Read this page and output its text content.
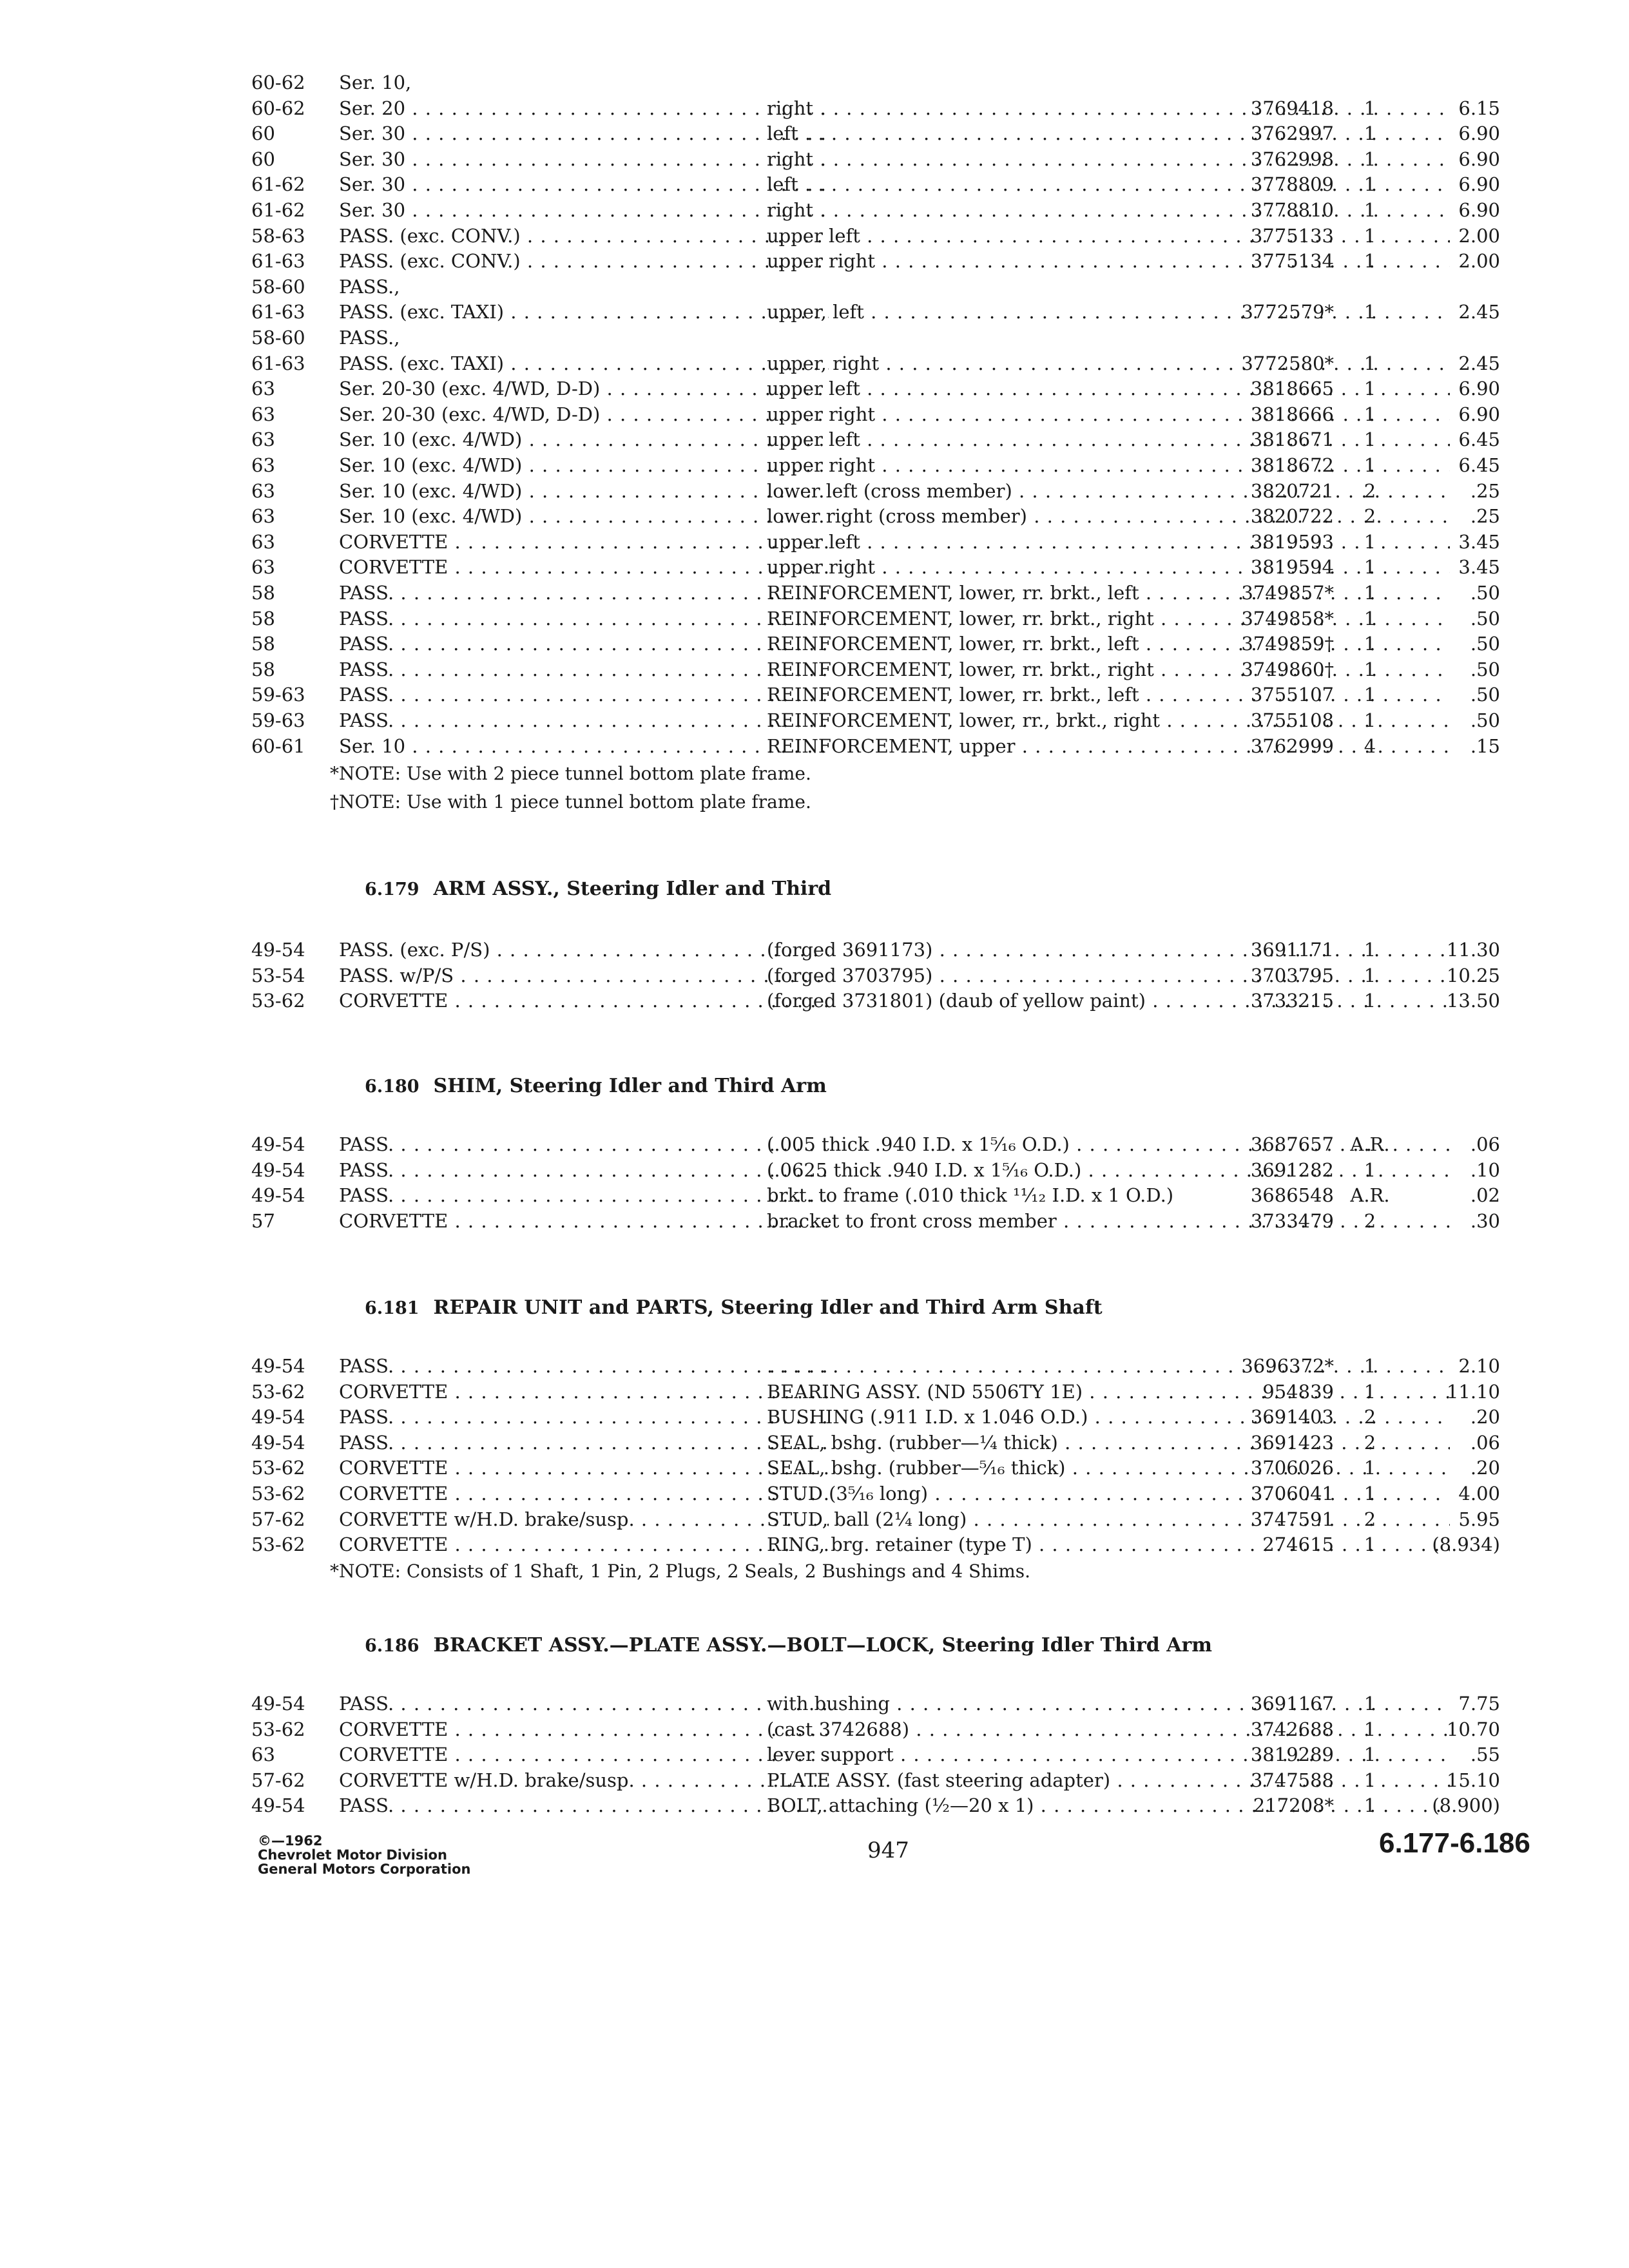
60-62	Ser. 10,
60-62	Ser. 20 . . .	right . . .	3769418	1	6.15
60	Ser. 30 . . .	left . . .	3762997	1	6.90
60	Ser. 30 . . .	right . . .	3762998	1	6.90
61-62	Ser. 30 . . .	left . . .	3778809	1	6.90
61-62	Ser. 30 . . .	right . . .	3778810	1	6.90
58-63	PASS. (exc. CONV.) . . .	upper left . . .	3775133	1	2.00
61-63	PASS. (exc. CONV.) . . .	upper right . . .	3775134	1	2.00
58-60	PASS.,
61-63	PASS. (exc. TAXI) . . .	upper, left . . .	3772579*	1	2.45
58-60	PASS.,
61-63	PASS. (exc. TAXI) . . .	upper, right . . .	3772580*	1	2.45
63	Ser. 20-30 (exc. 4/WD, D-D) . . .	upper left . . .	3818665	1	6.90
63	Ser. 20-30 (exc. 4/WD, D-D) . . .	upper right . . .	3818666	1	6.90
63	Ser. 10 (exc. 4/WD) . . .	upper left . . .	3818671	1	6.45
63	Ser. 10 (exc. 4/WD) . . .	upper right . . .	3818672	1	6.45
63	Ser. 10 (exc. 4/WD) . . .	lower left (cross member) . . .	3820721	2	.25
63	Ser. 10 (exc. 4/WD) . . .	lower right (cross member) . . .	3820722	2	.25
63	CORVETTE . . .	upper left . . .	3819593	1	3.45
63	CORVETTE . . .	upper right . . .	3819594	1	3.45
58	PASS. . . .	REINFORCEMENT, lower, rr. brkt., left . . .	3749857*	1	.50
58	PASS. . . .	REINFORCEMENT, lower, rr. brkt., right . . .	3749858*	1	.50
58	PASS. . . .	REINFORCEMENT, lower, rr. brkt., left . . .	3749859†	1	.50
58	PASS. . . .	REINFORCEMENT, lower, rr. brkt., right . . .	3749860†	1	.50
59-63	PASS. . . .	REINFORCEMENT, lower, rr. brkt., left . . .	3755107	1	.50
59-63	PASS. . . .	REINFORCEMENT, lower, rr., brkt., right . . .	3755108	1	.50
60-61	Ser. 10 . . .	REINFORCEMENT, upper . . .	3762999	4	.15
*NOTE: Use with 2 piece tunnel bottom plate frame.
†NOTE: Use with 1 piece tunnel bottom plate frame.
6.179 ARM ASSY., Steering Idler and Third
49-54	PASS. (exc. P/S) . . .	(forged 3691173) . . .	3691171	1	11.30
53-54	PASS. w/P/S . . .	(forged 3703795) . . .	3703795	1	10.25
53-62	CORVETTE . . .	(forged 3731801) (daub of yellow paint) . . .	3733215	1	13.50
6.180 SHIM, Steering Idler and Third Arm
49-54	PASS. . . .	(.005 thick .940 I.D. x 1⁵⁄₁₆ O.D.) . . .	3687657 A.R.	.06
49-54	PASS. . . .	(.0625 thick .940 I.D. x 1⁵⁄₁₆ O.D.) . . .	3691282	1	.10
49-54	PASS. . . .	brkt. to frame (.010 thick ¹¹⁄₁₂ I.D. x 1 O.D.)	3686548 A.R.	.02
57	CORVETTE . . .	bracket to front cross member . . .	3733479	2	.30
6.181 REPAIR UNIT and PARTS, Steering Idler and Third Arm Shaft
49-54	PASS. . . .
. . .	3696372*	1	2.10
53-62	CORVETTE . . .	BEARING ASSY. (ND 5506TY 1E) . . .	954839	1	11.10
49-54	PASS. . . .	BUSHING (.911 I.D. x 1.046 O.D.) . . .	3691403	2	.20
49-54	PASS. . . .	SEAL, bshg. (rubber—¼ thick) . . .	3691423	2	.06
53-62	CORVETTE . . .	SEAL, bshg. (rubber—⁵⁄₁₆ thick) . . .	3706026	1	.20
53-62	CORVETTE . . .	STUD (3⁵⁄₁₆ long) . . .	3706041	1	4.00
57-62	CORVETTE w/H.D. brake/susp. . . .	STUD, ball (2¼ long) . . .	3747591	2	5.95
53-62	CORVETTE . . .	RING, brg. retainer (type T) . . .	274615	1	(8.934)
*NOTE: Consists of 1 Shaft, 1 Pin, 2 Plugs, 2 Seals, 2 Bushings and 4 Shims.
6.186 BRACKET ASSY.—PLATE ASSY.—BOLT—LOCK, Steering Idler Third Arm
49-54	PASS. . . .	with bushing . . .	3691167	1	7.75
53-62	CORVETTE . . .	(cast 3742688) . . .	3742688	1	10.70
63	CORVETTE . . .	lever support . . .	3819289	1	.55
57-62	CORVETTE w/H.D. brake/susp. . . .	PLATE ASSY. (fast steering adapter) . . .	3747588	1	15.10
49-54	PASS. . . .	BOLT, attaching (½—20 x 1) . . .	217208*	1	(8.900)
©—1962
Chevrolet Motor Division
General Motors Corporation
947	6.177-6.186
